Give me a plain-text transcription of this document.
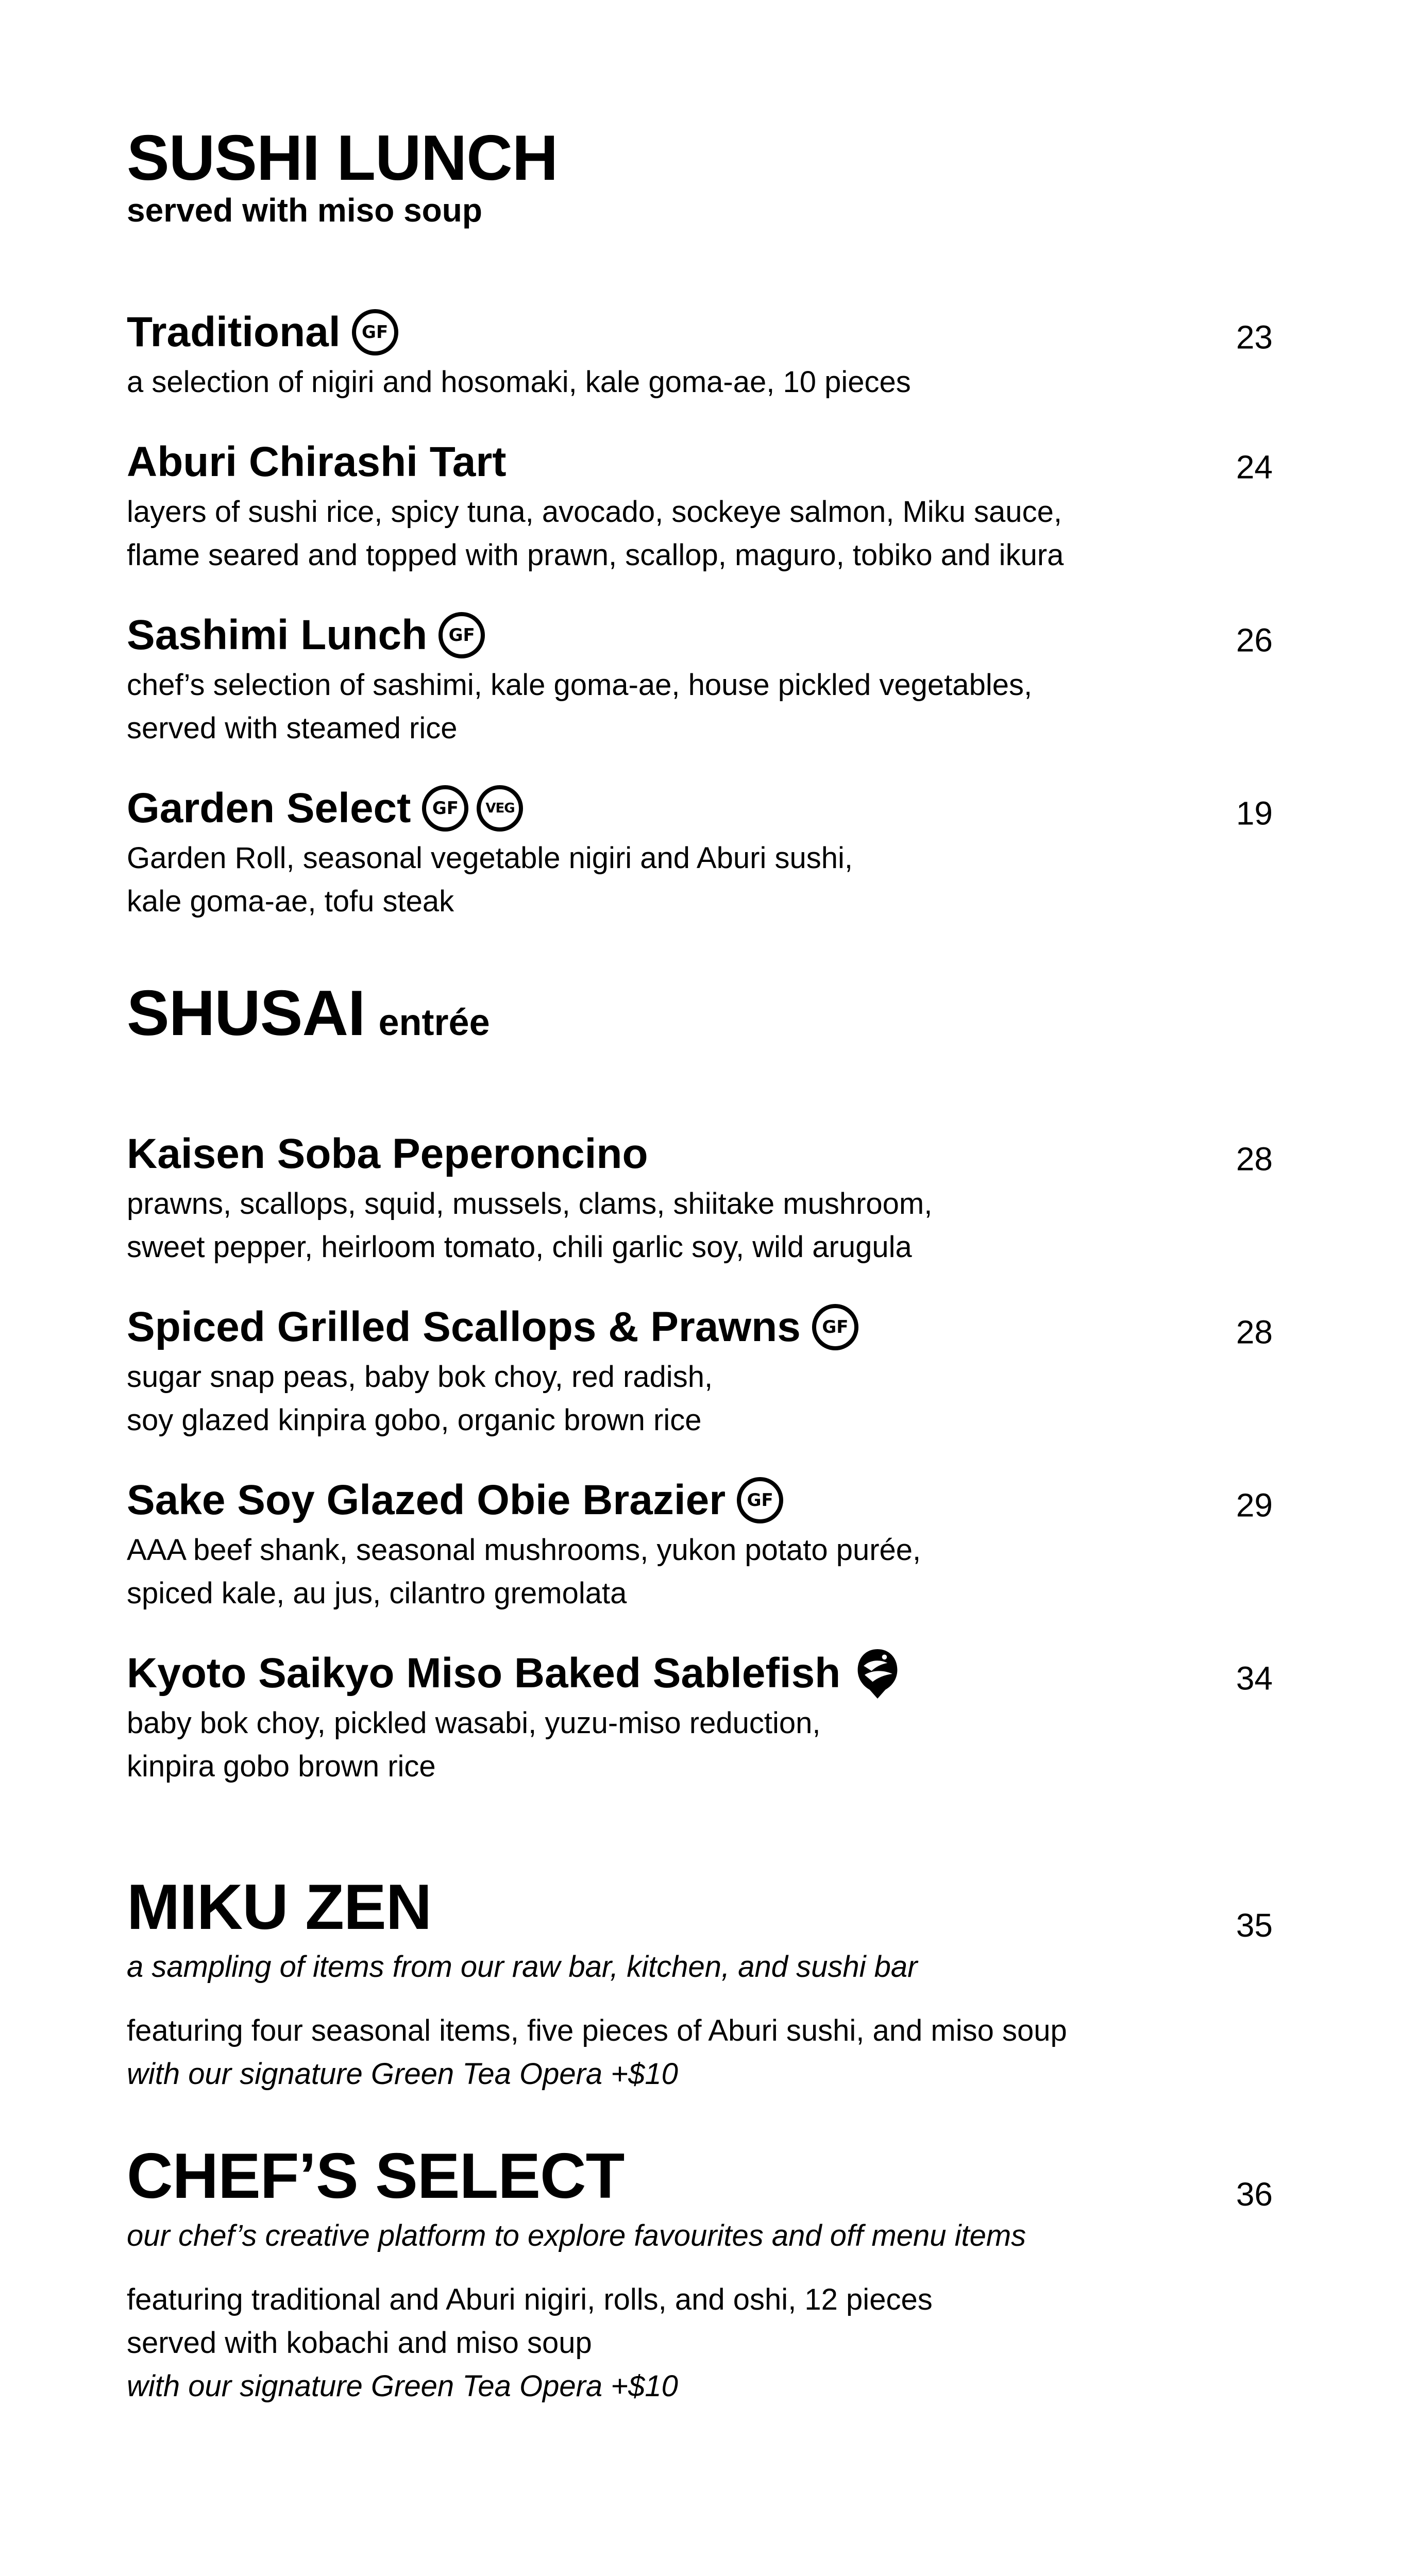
SUSHI LUNCH
served with miso soup
Traditional	GF	23
a selection of nigiri and hosomaki, kale goma-ae, 10 pieces
Aburi Chirashi Tart	24
layers of sushi rice, spicy tuna, avocado, sockeye salmon, Miku sauce,
flame seared and topped with prawn, scallop, maguro, tobiko and ikura
Sashimi Lunch	GF	26
chef’s selection of sashimi, kale goma-ae, house pickled vegetables,
served with steamed rice
Garden Select	GF	VEG	19
Garden Roll, seasonal vegetable nigiri and Aburi sushi,
kale goma-ae, tofu steak
SHUSAI entrée
Kaisen Soba Peperoncino	28
prawns, scallops, squid, mussels, clams, shiitake mushroom,
sweet pepper, heirloom tomato, chili garlic soy, wild arugula
Spiced Grilled Scallops & Prawns	GF	28
sugar snap peas, baby bok choy, red radish,
soy glazed kinpira gobo, organic brown rice
Sake Soy Glazed Obie Brazier	GF	29
AAA beef shank, seasonal mushrooms, yukon potato purée,
spiced kale, au jus, cilantro gremolata
Kyoto Saikyo Miso Baked Sablefish	34
baby bok choy, pickled wasabi, yuzu-miso reduction,
kinpira gobo brown rice
MIKU ZEN	35
a sampling of items from our raw bar, kitchen, and sushi bar
featuring four seasonal items, five pieces of Aburi sushi, and miso soup
with our signature Green Tea Opera +$10
CHEF’S SELECT	36
our chef’s creative platform to explore favourites and off menu items
featuring traditional and Aburi nigiri, rolls, and oshi, 12 pieces
served with kobachi and miso soup
with our signature Green Tea Opera +$10
